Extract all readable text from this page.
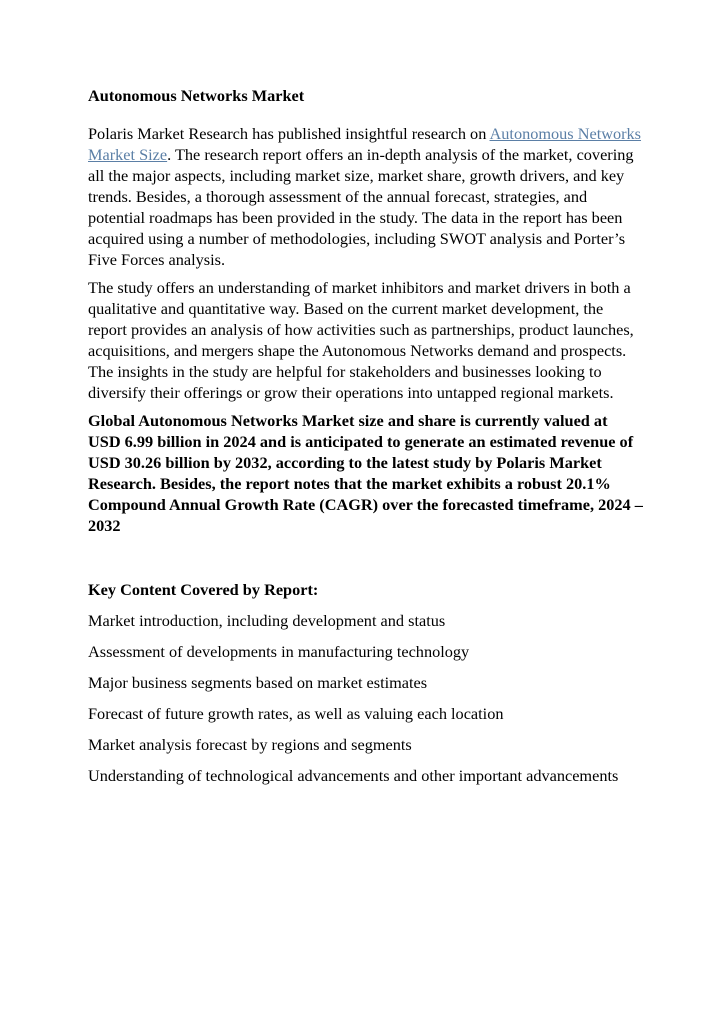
Autonomous Networks Market
Polaris Market Research has published insightful research on Autonomous Networks Market Size. The research report offers an in-depth analysis of the market, covering all the major aspects, including market size, market share, growth drivers, and key trends. Besides, a thorough assessment of the annual forecast, strategies, and potential roadmaps has been provided in the study. The data in the report has been acquired using a number of methodologies, including SWOT analysis and Porter’s Five Forces analysis.
The study offers an understanding of market inhibitors and market drivers in both a qualitative and quantitative way. Based on the current market development, the report provides an analysis of how activities such as partnerships, product launches, acquisitions, and mergers shape the Autonomous Networks demand and prospects. The insights in the study are helpful for stakeholders and businesses looking to diversify their offerings or grow their operations into untapped regional markets.
Global Autonomous Networks Market size and share is currently valued at USD 6.99 billion in 2024 and is anticipated to generate an estimated revenue of USD 30.26 billion by 2032, according to the latest study by Polaris Market Research. Besides, the report notes that the market exhibits a robust 20.1% Compound Annual Growth Rate (CAGR) over the forecasted timeframe, 2024 – 2032
Key Content Covered by Report:
Market introduction, including development and status
Assessment of developments in manufacturing technology
Major business segments based on market estimates
Forecast of future growth rates, as well as valuing each location
Market analysis forecast by regions and segments
Understanding of technological advancements and other important advancements
